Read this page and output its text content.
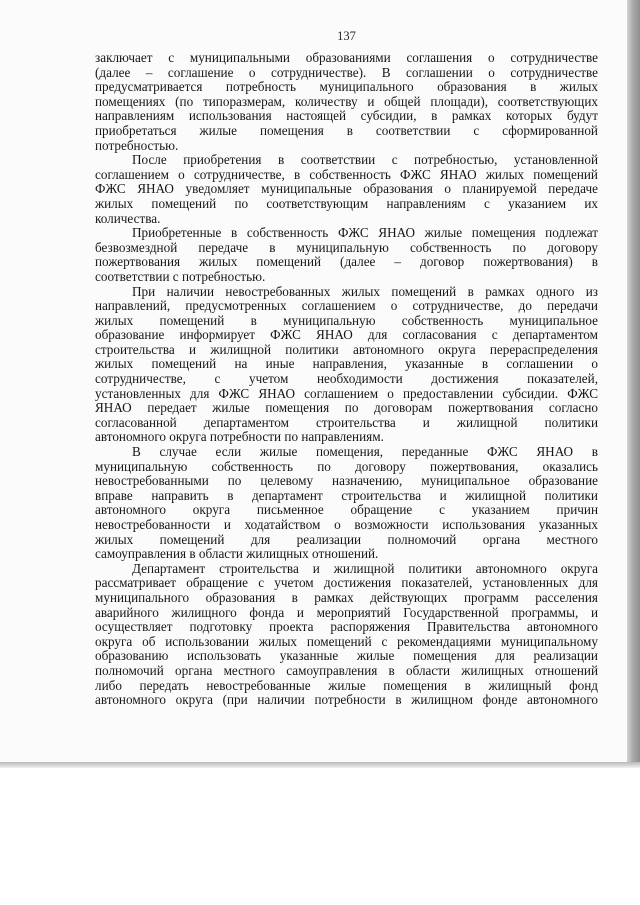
137
заключает с муниципальными образованиями соглашения о сотрудничестве
(далее – соглашение о сотрудничестве). В соглашении о сотрудничестве
предусматривается потребность муниципального образования в жилых
помещениях (по типоразмерам, количеству и общей площади), соответствующих
направлениям использования настоящей субсидии, в рамках которых будут
приобретаться жилые помещения в соответствии с сформированной
потребностью.
После приобретения в соответствии с потребностью, установленной
соглашением о сотрудничестве, в собственность ФЖС ЯНАО жилых помещений
ФЖС ЯНАО уведомляет муниципальные образования о планируемой передаче
жилых помещений по соответствующим направлениям с указанием их
количества.
Приобретенные в собственность ФЖС ЯНАО жилые помещения подлежат
безвозмездной передаче в муниципальную собственность по договору
пожертвования жилых помещений (далее – договор пожертвования) в
соответствии с потребностью.
При наличии невостребованных жилых помещений в рамках одного из
направлений, предусмотренных соглашением о сотрудничестве, до передачи
жилых помещений в муниципальную собственность муниципальное
образование информирует ФЖС ЯНАО для согласования с департаментом
строительства и жилищной политики автономного округа перераспределения
жилых помещений на иные направления, указанные в соглашении о
сотрудничестве, с учетом необходимости достижения показателей,
установленных для ФЖС ЯНАО соглашением о предоставлении субсидии. ФЖС
ЯНАО передает жилые помещения по договорам пожертвования согласно
согласованной департаментом строительства и жилищной политики
автономного округа потребности по направлениям.
В случае если жилые помещения, переданные ФЖС ЯНАО в
муниципальную собственность по договору пожертвования, оказались
невостребованными по целевому назначению, муниципальное образование
вправе направить в департамент строительства и жилищной политики
автономного округа письменное обращение с указанием причин
невостребованности и ходатайством о возможности использования указанных
жилых помещений для реализации полномочий органа местного
самоуправления в области жилищных отношений.
Департамент строительства и жилищной политики автономного округа
рассматривает обращение с учетом достижения показателей, установленных для
муниципального образования в рамках действующих программ расселения
аварийного жилищного фонда и мероприятий Государственной программы, и
осуществляет подготовку проекта распоряжения Правительства автономного
округа об использовании жилых помещений с рекомендациями муниципальному
образованию использовать указанные жилые помещения для реализации
полномочий органа местного самоуправления в области жилищных отношений
либо передать невостребованные жилые помещения в жилищный фонд
автономного округа (при наличии потребности в жилищном фонде автономного
